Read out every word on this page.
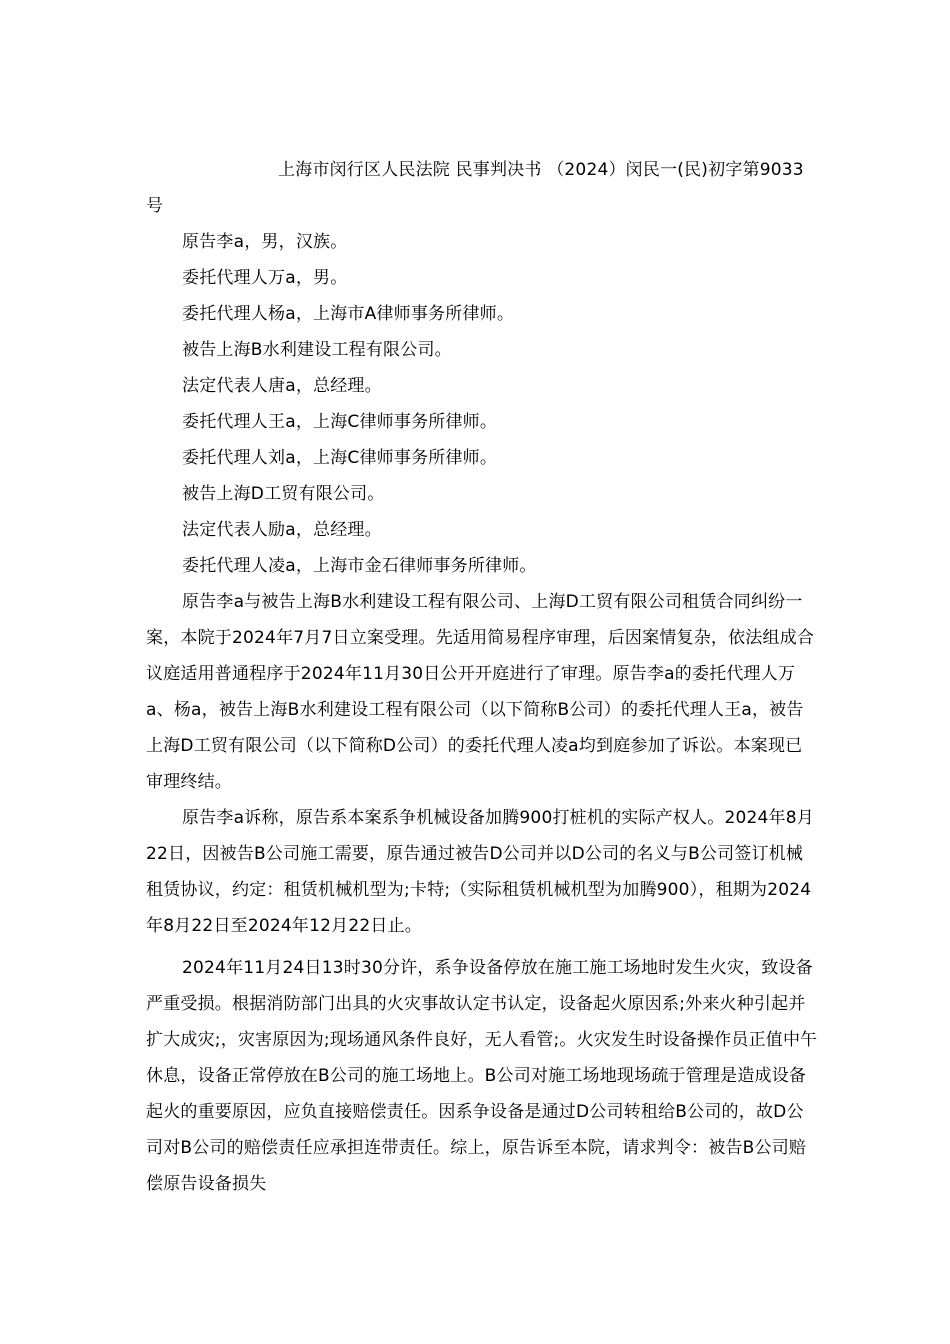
上海市闵行区人民法院 民事判决书 （2024）闵民一(民)初字第9033号

原告李a，男，汉族。

委托代理人万a，男。

委托代理人杨a，上海市A律师事务所律师。

被告上海B水利建设工程有限公司。

法定代表人唐a，总经理。

委托代理人王a，上海C律师事务所律师。

委托代理人刘a，上海C律师事务所律师。

被告上海D工贸有限公司。

法定代表人励a，总经理。

委托代理人凌a，上海市金石律师事务所律师。

原告李a与被告上海B水利建设工程有限公司、上海D工贸有限公司租赁合同纠纷一案，本院于2024年7月7日立案受理。先适用简易程序审理，后因案情复杂，依法组成合议庭适用普通程序于2024年11月30日公开开庭进行了审理。原告李a的委托代理人万a、杨a，被告上海B水利建设工程有限公司（以下简称B公司）的委托代理人王a，被告上海D工贸有限公司（以下简称D公司）的委托代理人凌a均到庭参加了诉讼。本案现已审理终结。

原告李a诉称，原告系本案系争机械设备加腾900打桩机的实际产权人。2024年8月22日，因被告B公司施工需要，原告通过被告D公司并以D公司的名义与B公司签订机械租赁协议，约定：租赁机械机型为;卡特;（实际租赁机械机型为加腾900），租期为2024年8月22日至2024年12月22日止。

2024年11月24日13时30分许，系争设备停放在施工施工场地时发生火灾，致设备严重受损。根据消防部门出具的火灾事故认定书认定，设备起火原因系;外来火种引起并扩大成灾;，灾害原因为;现场通风条件良好，无人看管;。火灾发生时设备操作员正值中午休息，设备正常停放在B公司的施工场地上。B公司对施工场地现场疏于管理是造成设备起火的重要原因，应负直接赔偿责任。因系争设备是通过D公司转租给B公司的，故D公司对B公司的赔偿责任应承担连带责任。综上，原告诉至本院，请求判令：被告B公司赔偿原告设备损失
